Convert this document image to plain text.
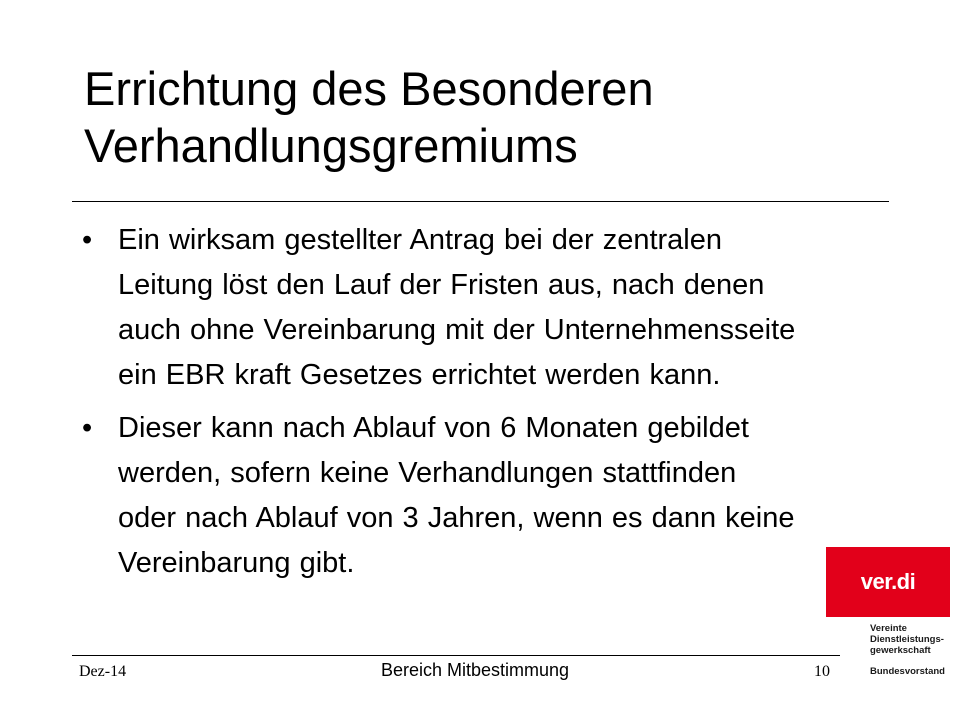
Errichtung des Besonderen Verhandlungsgremiums
• Ein wirksam gestellter Antrag bei der zentralen Leitung löst den Lauf der Fristen aus, nach denen auch ohne Vereinbarung mit der Unternehmensseite ein EBR kraft Gesetzes errichtet werden kann.
• Dieser kann nach Ablauf von 6 Monaten gebildet werden, sofern keine Verhandlungen stattfinden oder nach Ablauf von 3 Jahren, wenn es dann keine Vereinbarung gibt.
ver.di
Vereinte
Dienstleistungs-
gewerkschaft
Bundesvorstand
Dez-14	Bereich Mitbestimmung	10
